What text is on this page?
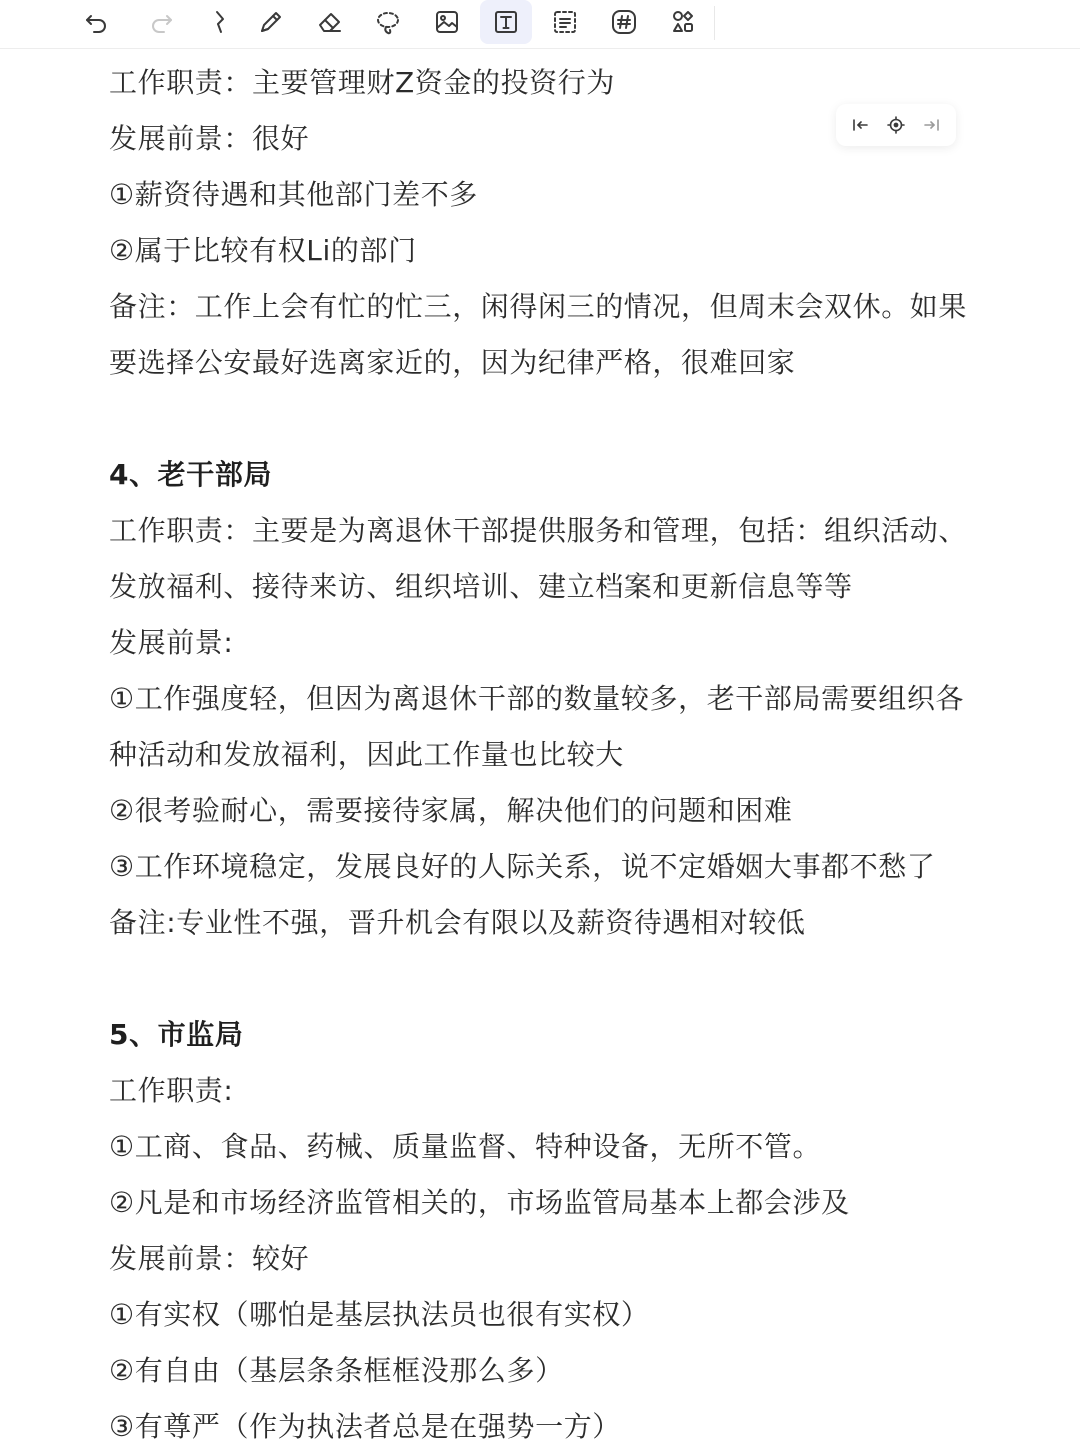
工作职责：主要管理财Z资金的投资行为
发展前景：很好
①薪资待遇和其他部门差不多
②属于比较有权Li的部门
备注：工作上会有忙的忙三，闲得闲三的情况，但周末会双休。如果
要选择公安最好选离家近的，因为纪律严格，很难回家
4、老干部局
工作职责：主要是为离退休干部提供服务和管理，包括：组织活动、
发放福利、接待来访、组织培训、建立档案和更新信息等等
发展前景:
①工作强度轻，但因为离退休干部的数量较多，老干部局需要组织各
种活动和发放福利，因此工作量也比较大
②很考验耐心，需要接待家属，解决他们的问题和困难
③工作环境稳定，发展良好的人际关系，说不定婚姻大事都不愁了
备注:专业性不强，晋升机会有限以及薪资待遇相对较低
5、市监局
工作职责:
①工商、食品、药械、质量监督、特种设备，无所不管。
②凡是和市场经济监管相关的，市场监管局基本上都会涉及
发展前景：较好
①有实权（哪怕是基层执法员也很有实权）
②有自由（基层条条框框没那么多）
③有尊严（作为执法者总是在强势一方）
